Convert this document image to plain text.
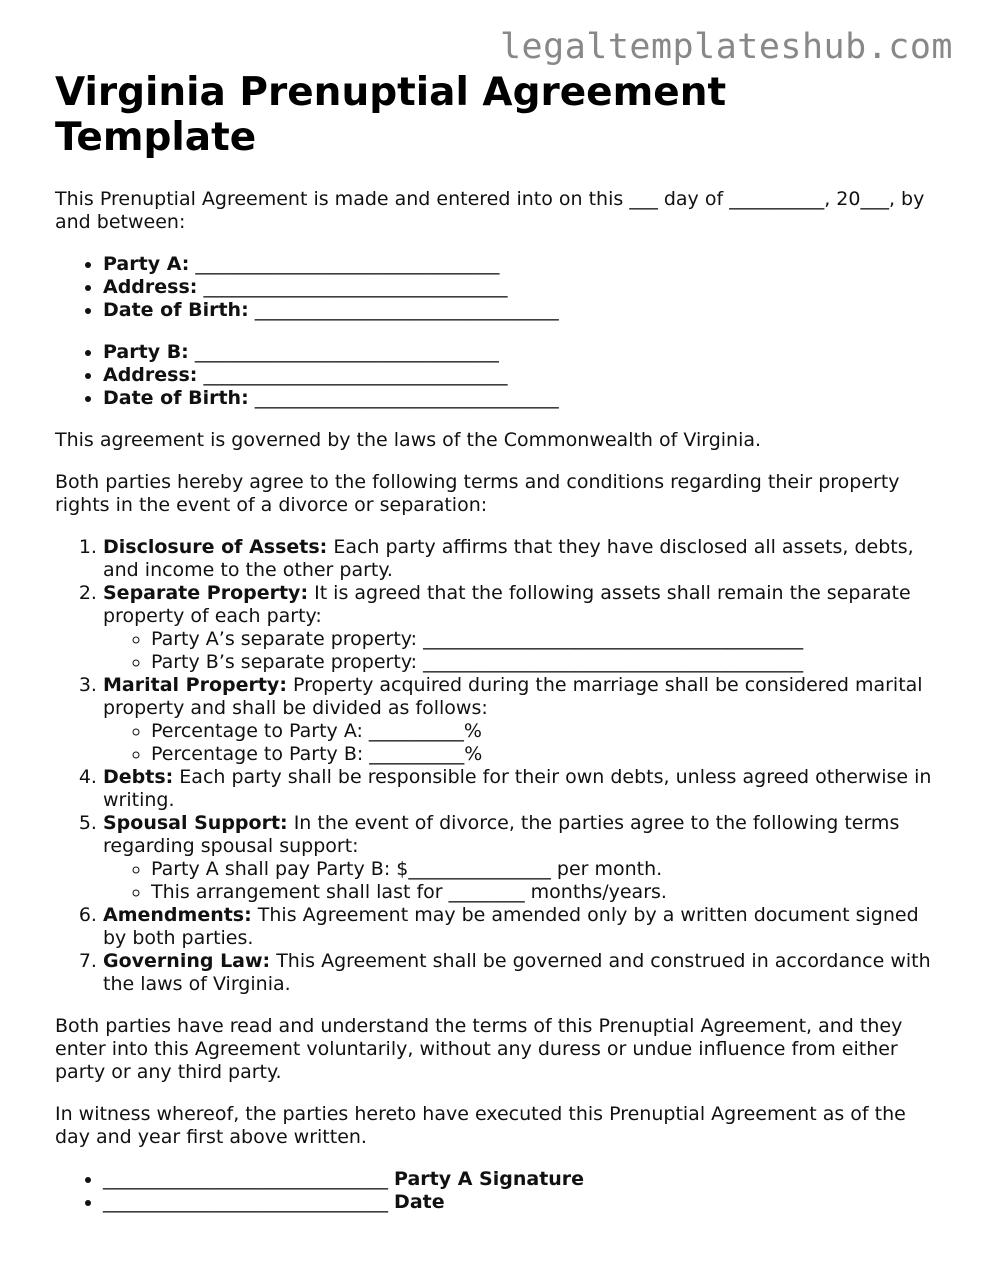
legaltemplateshub.com
Virginia Prenuptial Agreement Template

This Prenuptial Agreement is made and entered into on this ___ day of __________, 20___, by and between:

• Party A: ________________________________
• Address: ________________________________
• Date of Birth: ________________________________
• Party B: ________________________________
• Address: ________________________________
• Date of Birth: ________________________________

This agreement is governed by the laws of the Commonwealth of Virginia.

Both parties hereby agree to the following terms and conditions regarding their property rights in the event of a divorce or separation:

1. Disclosure of Assets: Each party affirms that they have disclosed all assets, debts, and income to the other party.
2. Separate Property: It is agreed that the following assets shall remain the separate property of each party:
◦ Party A’s separate property: ________________________________________
◦ Party B’s separate property: ________________________________________
3. Marital Property: Property acquired during the marriage shall be considered marital property and shall be divided as follows:
◦ Percentage to Party A: __________%
◦ Percentage to Party B: __________%
4. Debts: Each party shall be responsible for their own debts, unless agreed otherwise in writing.
5. Spousal Support: In the event of divorce, the parties agree to the following terms regarding spousal support:
◦ Party A shall pay Party B: $_______________ per month.
◦ This arrangement shall last for ________ months/years.
6. Amendments: This Agreement may be amended only by a written document signed by both parties.
7. Governing Law: This Agreement shall be governed and construed in accordance with the laws of Virginia.

Both parties have read and understand the terms of this Prenuptial Agreement, and they enter into this Agreement voluntarily, without any duress or undue influence from either party or any third party.

In witness whereof, the parties hereto have executed this Prenuptial Agreement as of the day and year first above written.

• ______________________________ Party A Signature
• ______________________________ Date
